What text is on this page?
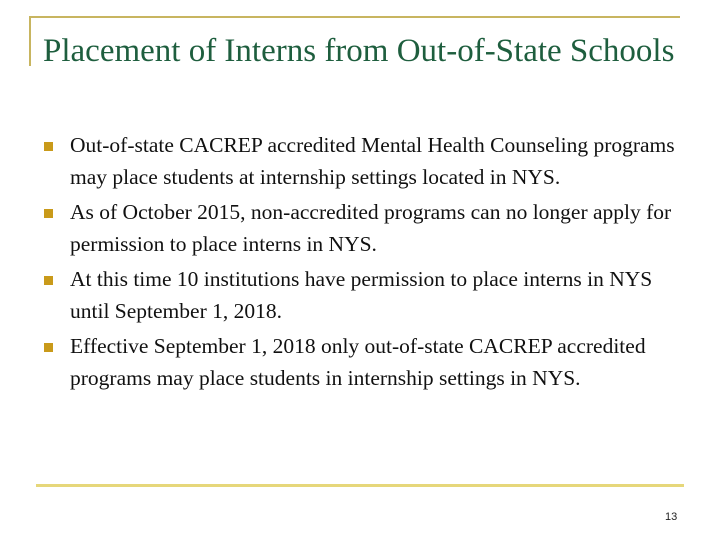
Placement of Interns from Out-of-State Schools
Out-of-state CACREP accredited Mental Health Counseling programs may place students at internship settings located in NYS.
As of October 2015, non-accredited programs can no longer apply for permission to place interns in NYS.
At this time 10 institutions have permission to place interns in NYS until September 1, 2018.
Effective September 1, 2018 only out-of-state CACREP accredited programs may place students in internship settings in NYS.
13
